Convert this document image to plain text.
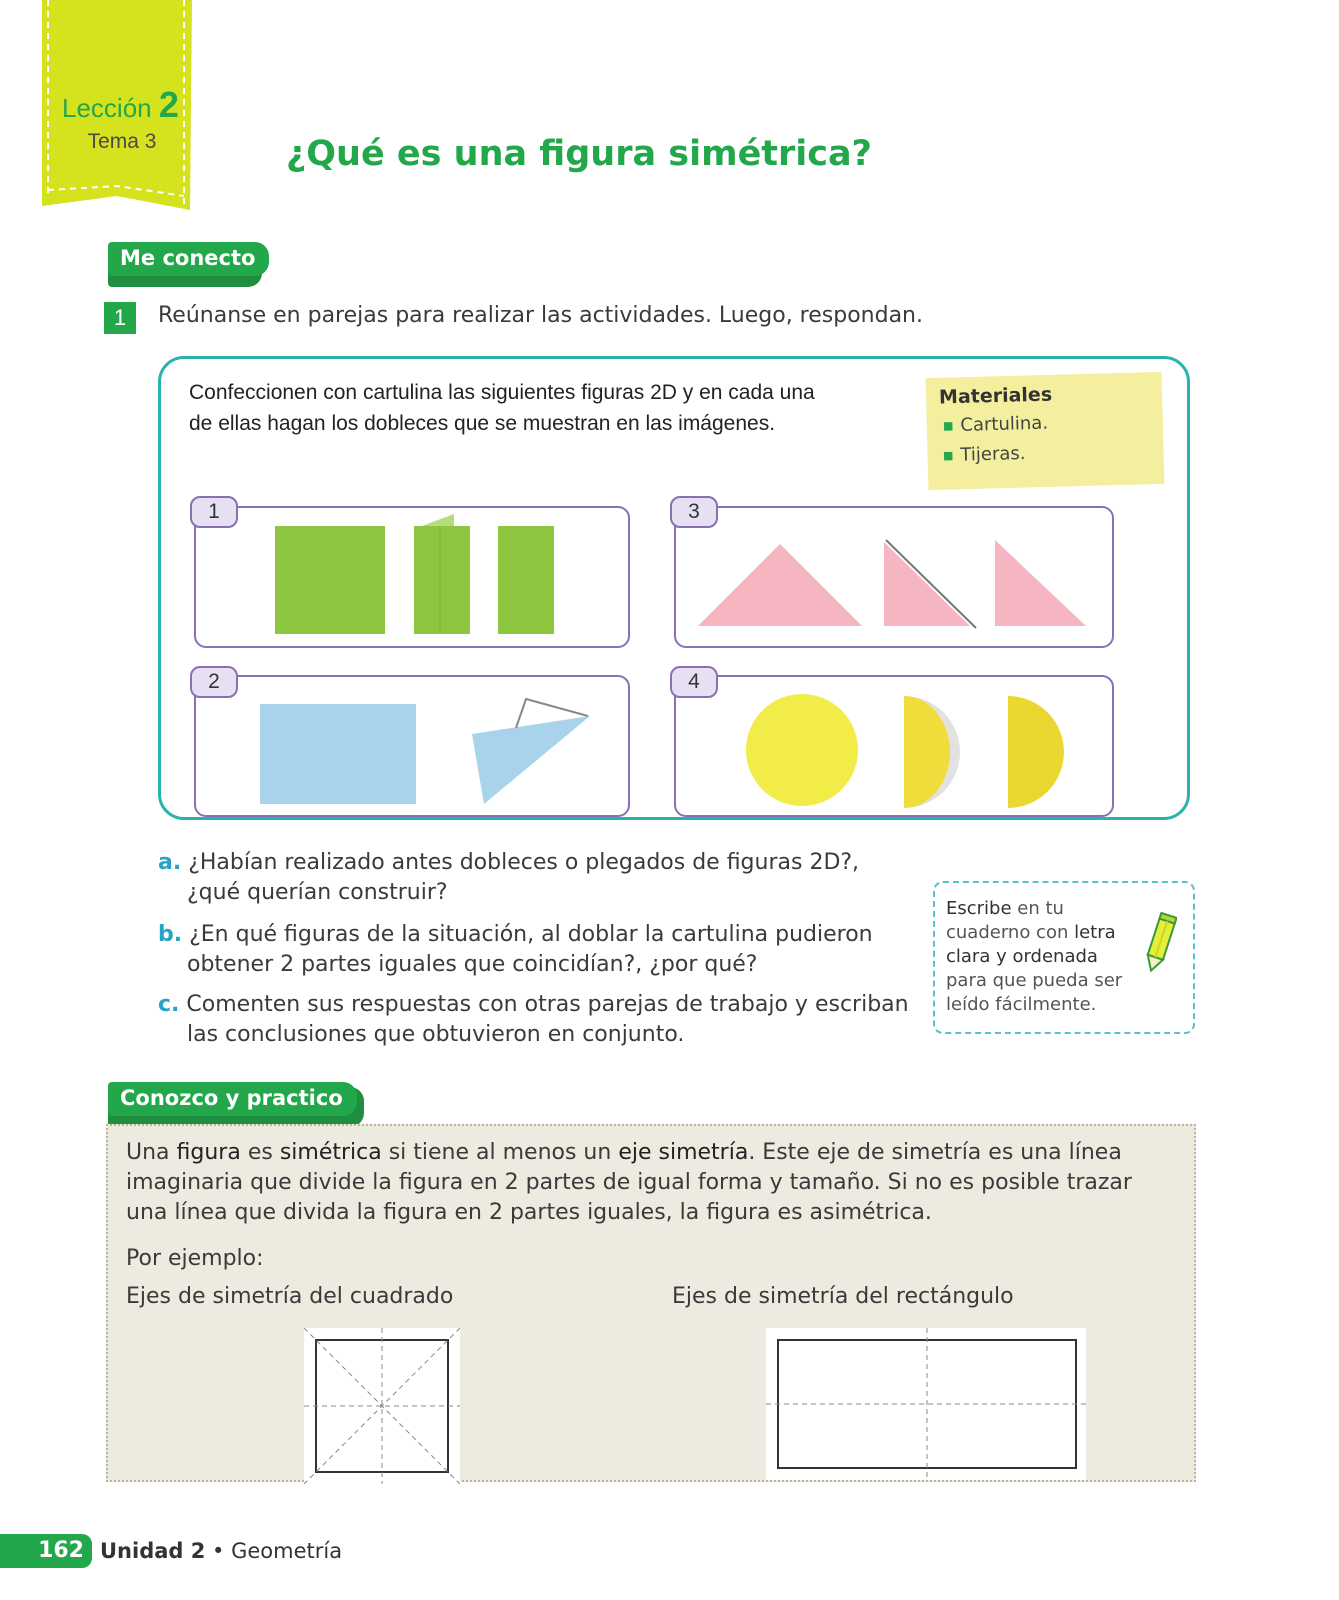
Lección 2
Tema 3	¿Qué es una figura simétrica?
Me conecto
1	Reúnanse en parejas para realizar las actividades. Luego, respondan.
Confeccionen con cartulina las siguientes figuras 2D y en cada una
de ellas hagan los dobleces que se muestran en las imágenes.
Materiales
■ Cartulina.
■ Tijeras.
1
2
3
4
a. ¿Habían realizado antes dobleces o plegados de figuras 2D?,
¿qué querían construir?
b. ¿En qué figuras de la situación, al doblar la cartulina pudieron
obtener 2 partes iguales que coincidían?, ¿por qué?
c. Comenten sus respuestas con otras parejas de trabajo y escriban
las conclusiones que obtuvieron en conjunto.
Escribe en tu
cuaderno con letra
clara y ordenada
para que pueda ser
leído fácilmente.
Conozco y practico
Una figura es simétrica si tiene al menos un eje simetría. Este eje de simetría es una línea
imaginaria que divide la figura en 2 partes de igual forma y tamaño. Si no es posible trazar
una línea que divida la figura en 2 partes iguales, la figura es asimétrica.
Por ejemplo:
Ejes de simetría del cuadrado	Ejes de simetría del rectángulo
162 Unidad 2 • Geometría
